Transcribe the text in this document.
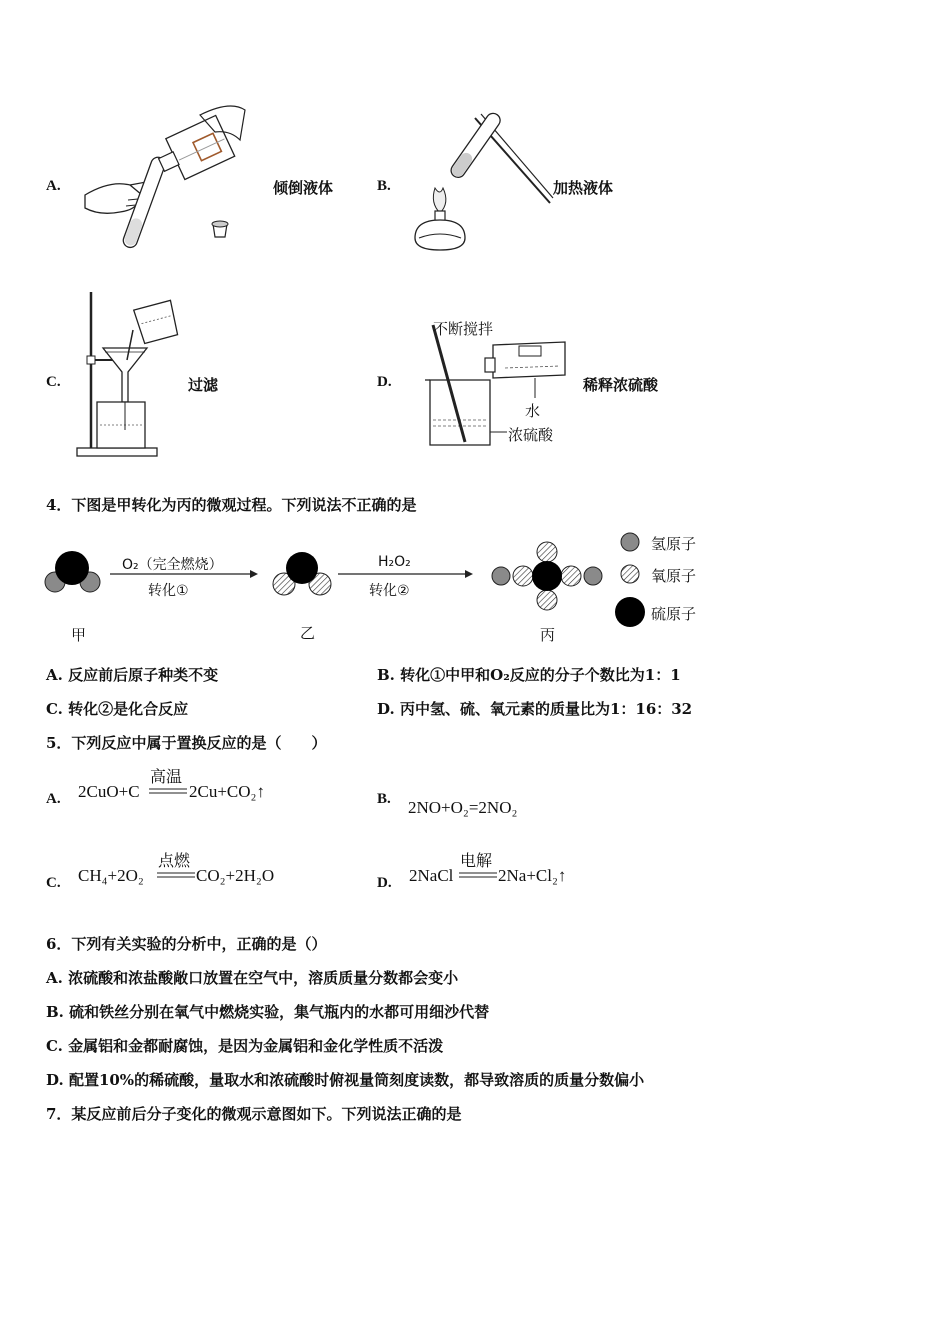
A.	倾倒液体	B.	加热液体
C.	过滤	D.
不断搅拌
水
浓硫酸
稀释浓硫酸
4．下图是甲转化为丙的微观过程。下列说法不正确的是
O₂（完全燃烧）
转化①
H₂O₂
转化②
甲	乙	丙
氢原子
氧原子
硫原子
A. 反应前后原子种类不变	B. 转化①中甲和O₂反应的分子个数比为1：1
C. 转化②是化合反应	D. 丙中氢、硫、氧元素的质量比为1：16：32
5．下列反应中属于置换反应的是（　　）
A. 2CuO+C
高温
2Cu+CO₂↑	B. 2NO+O₂=2NO₂
C. CH₄+2O₂
点燃
CO₂+2H₂O	D. 2NaCl
电解
2Na+Cl₂↑
6．下列有关实验的分析中，正确的是（）
A. 浓硫酸和浓盐酸敞口放置在空气中，溶质质量分数都会变小
B. 硫和铁丝分别在氧气中燃烧实验，集气瓶内的水都可用细沙代替
C. 金属铝和金都耐腐蚀，是因为金属铝和金化学性质不活泼
D. 配置10%的稀硫酸，量取水和浓硫酸时俯视量筒刻度读数，都导致溶质的质量分数偏小
7．某反应前后分子变化的微观示意图如下。下列说法正确的是
